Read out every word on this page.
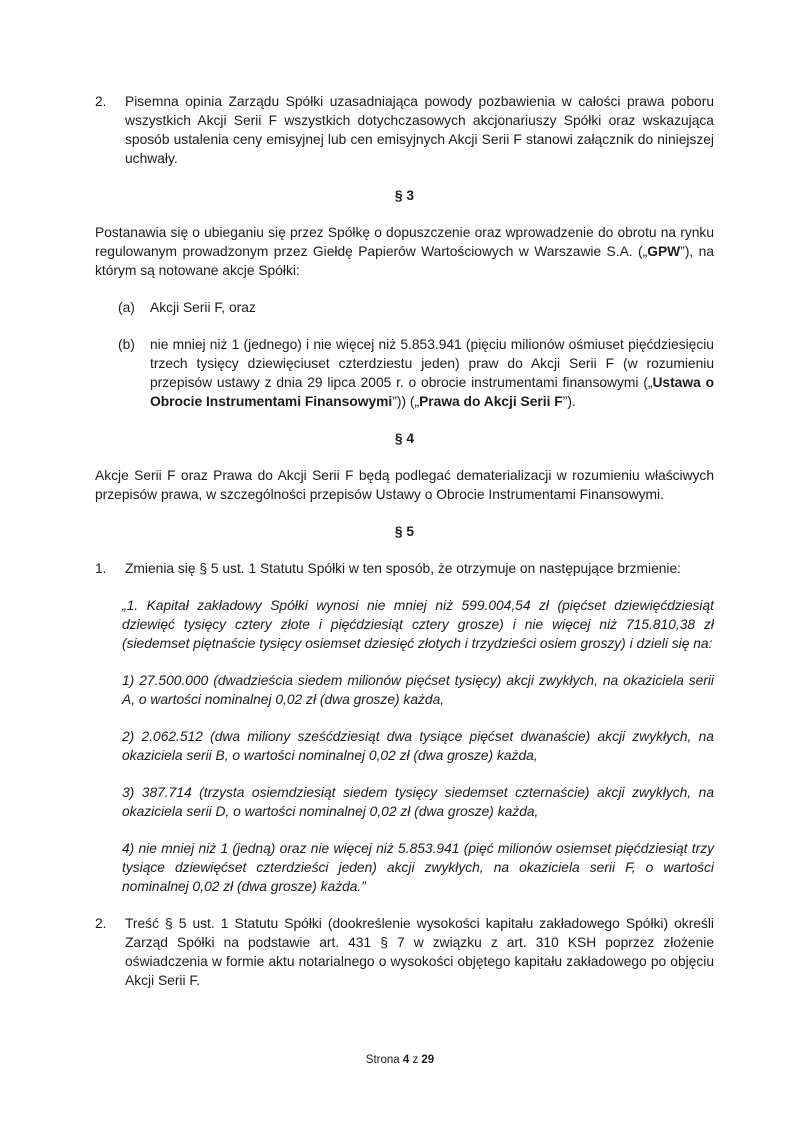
2.	Pisemna opinia Zarządu Spółki uzasadniająca powody pozbawienia w całości prawa poboru wszystkich Akcji Serii F wszystkich dotychczasowych akcjonariuszy Spółki oraz wskazująca sposób ustalenia ceny emisyjnej lub cen emisyjnych Akcji Serii F stanowi załącznik do niniejszej uchwały.
§ 3
Postanawia się o ubieganiu się przez Spółkę o dopuszczenie oraz wprowadzenie do obrotu na rynku regulowanym prowadzonym przez Giełdę Papierów Wartościowych w Warszawie S.A. („GPW”), na którym są notowane akcje Spółki:
(a)	Akcji Serii F, oraz
(b)	nie mniej niż 1 (jednego) i nie więcej niż 5.853.941 (pięciu milionów ośmiuset pięćdziesięciu trzech tysięcy dziewięciuset czterdziestu jeden) praw do Akcji Serii F (w rozumieniu przepisów ustawy z dnia 29 lipca 2005 r. o obrocie instrumentami finansowymi („Ustawa o Obrocie Instrumentami Finansowymi”)) („Prawa do Akcji Serii F”).
§ 4
Akcje Serii F oraz Prawa do Akcji Serii F będą podlegać dematerializacji w rozumieniu właściwych przepisów prawa, w szczególności przepisów Ustawy o Obrocie Instrumentami Finansowymi.
§ 5
1.	Zmienia się § 5 ust. 1 Statutu Spółki w ten sposób, że otrzymuje on następujące brzmienie:
„1. Kapitał zakładowy Spółki wynosi nie mniej niż 599.004,54 zł (pięćset dziewięćdziesiąt dziewięć tysięcy cztery złote i pięćdziesiąt cztery grosze) i nie więcej niż 715.810,38 zł (siedemset piętnaście tysięcy osiemset dziesięć złotych i trzydzieści osiem groszy) i dzieli się na:
1) 27.500.000 (dwadzieścia siedem milionów pięćset tysięcy) akcji zwykłych, na okaziciela serii A, o wartości nominalnej 0,02 zł (dwa grosze) każda,
2) 2.062.512 (dwa miliony sześćdziesiąt dwa tysiące pięćset dwanaście) akcji zwykłych, na okaziciela serii B, o wartości nominalnej 0,02 zł (dwa grosze) każda,
3) 387.714 (trzysta osiemdziesiąt siedem tysięcy siedemset czternaście) akcji zwykłych, na okaziciela serii D, o wartości nominalnej 0,02 zł (dwa grosze) każda,
4) nie mniej niż 1 (jedną) oraz nie więcej niż 5.853.941 (pięć milionów osiemset pięćdziesiąt trzy tysiące dziewięćset czterdzieści jeden) akcji zwykłych, na okaziciela serii F, o wartości nominalnej 0,02 zł (dwa grosze) każda.”
2.	Treść § 5 ust. 1 Statutu Spółki (dookreślenie wysokości kapitału zakładowego Spółki) określi Zarząd Spółki na podstawie art. 431 § 7 w związku z art. 310 KSH poprzez złożenie oświadczenia w formie aktu notarialnego o wysokości objętego kapitału zakładowego po objęciu Akcji Serii F.
Strona 4 z 29
